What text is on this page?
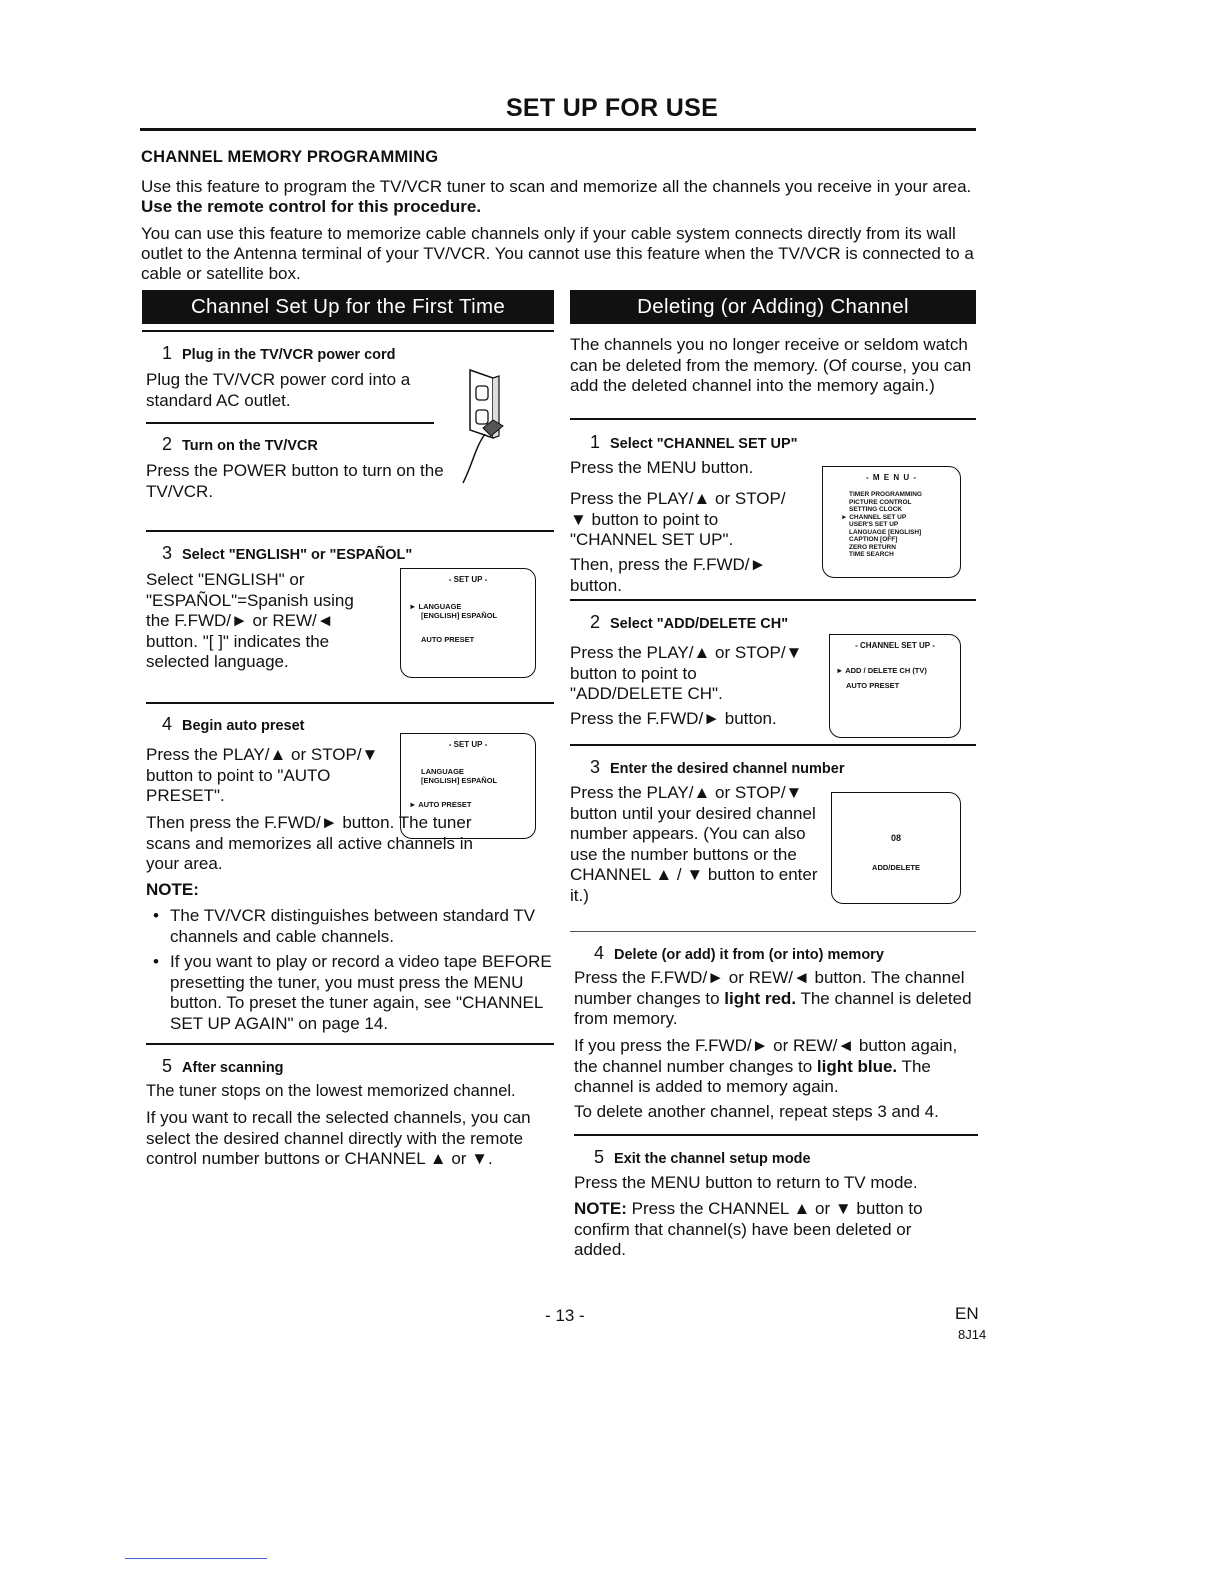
SET UP FOR USE
CHANNEL MEMORY PROGRAMMING
Use this feature to program the TV/VCR tuner to scan and memorize all the channels you receive in your area. Use the remote control for this procedure.
You can use this feature to memorize cable channels only if your cable system connects directly from its wall outlet to the Antenna terminal of your TV/VCR. You cannot use this feature when the TV/VCR is connected to a cable or satellite box.
Channel Set Up for the First Time
1 Plug in the TV/VCR power cord
Plug the TV/VCR power cord into a standard AC outlet.
2 Turn on the TV/VCR
Press the POWER button to turn on the TV/VCR.
3 Select "ENGLISH" or "ESPAÑOL"
Select "ENGLISH" or "ESPAÑOL"=Spanish using the F.FWD/► or REW/◄ button. "[ ]" indicates the selected language.
- SET UP -
► LANGUAGE
[ENGLISH] ESPAÑOL
AUTO PRESET
4 Begin auto preset
Press the PLAY/▲ or STOP/▼ button to point to "AUTO PRESET".
- SET UP -
LANGUAGE
[ENGLISH] ESPAÑOL
► AUTO PRESET
Then press the F.FWD/► button. The tuner scans and memorizes all active channels in your area.
NOTE:
• The TV/VCR distinguishes between standard TV channels and cable channels.
• If you want to play or record a video tape BEFORE presetting the tuner, you must press the MENU button. To preset the tuner again, see "CHANNEL SET UP AGAIN" on page 14.
5 After scanning
The tuner stops on the lowest memorized channel.
If you want to recall the selected channels, you can select the desired channel directly with the remote control number buttons or CHANNEL ▲ or ▼.
Deleting (or Adding) Channel
The channels you no longer receive or seldom watch can be deleted from the memory. (Of course, you can add the deleted channel into the memory again.)
1 Select "CHANNEL SET UP"
Press the MENU button.
Press the PLAY/▲ or STOP/▼ button to point to "CHANNEL SET UP".
Then, press the F.FWD/► button.
- M E N U -
TIMER PROGRAMMING
PICTURE CONTROL
SETTING CLOCK
► CHANNEL SET UP
USER'S SET UP
LANGUAGE [ENGLISH]
CAPTION [OFF]
ZERO RETURN
TIME SEARCH
2 Select "ADD/DELETE CH"
Press the PLAY/▲ or STOP/▼ button to point to "ADD/DELETE CH".
Press the F.FWD/► button.
- CHANNEL SET UP -
► ADD / DELETE CH (TV)
AUTO PRESET
3 Enter the desired channel number
Press the PLAY/▲ or STOP/▼ button until your desired channel number appears. (You can also use the number buttons or the CHANNEL ▲ / ▼ button to enter it.)
08
ADD/DELETE
4 Delete (or add) it from (or into) memory
Press the F.FWD/► or REW/◄ button. The channel number changes to light red. The channel is deleted from memory.
If you press the F.FWD/► or REW/◄ button again, the channel number changes to light blue. The channel is added to memory again.
To delete another channel, repeat steps 3 and 4.
5 Exit the channel setup mode
Press the MENU button to return to TV mode.
NOTE: Press the CHANNEL ▲ or ▼ button to confirm that channel(s) have been deleted or added.
- 13 -	EN
8J14
